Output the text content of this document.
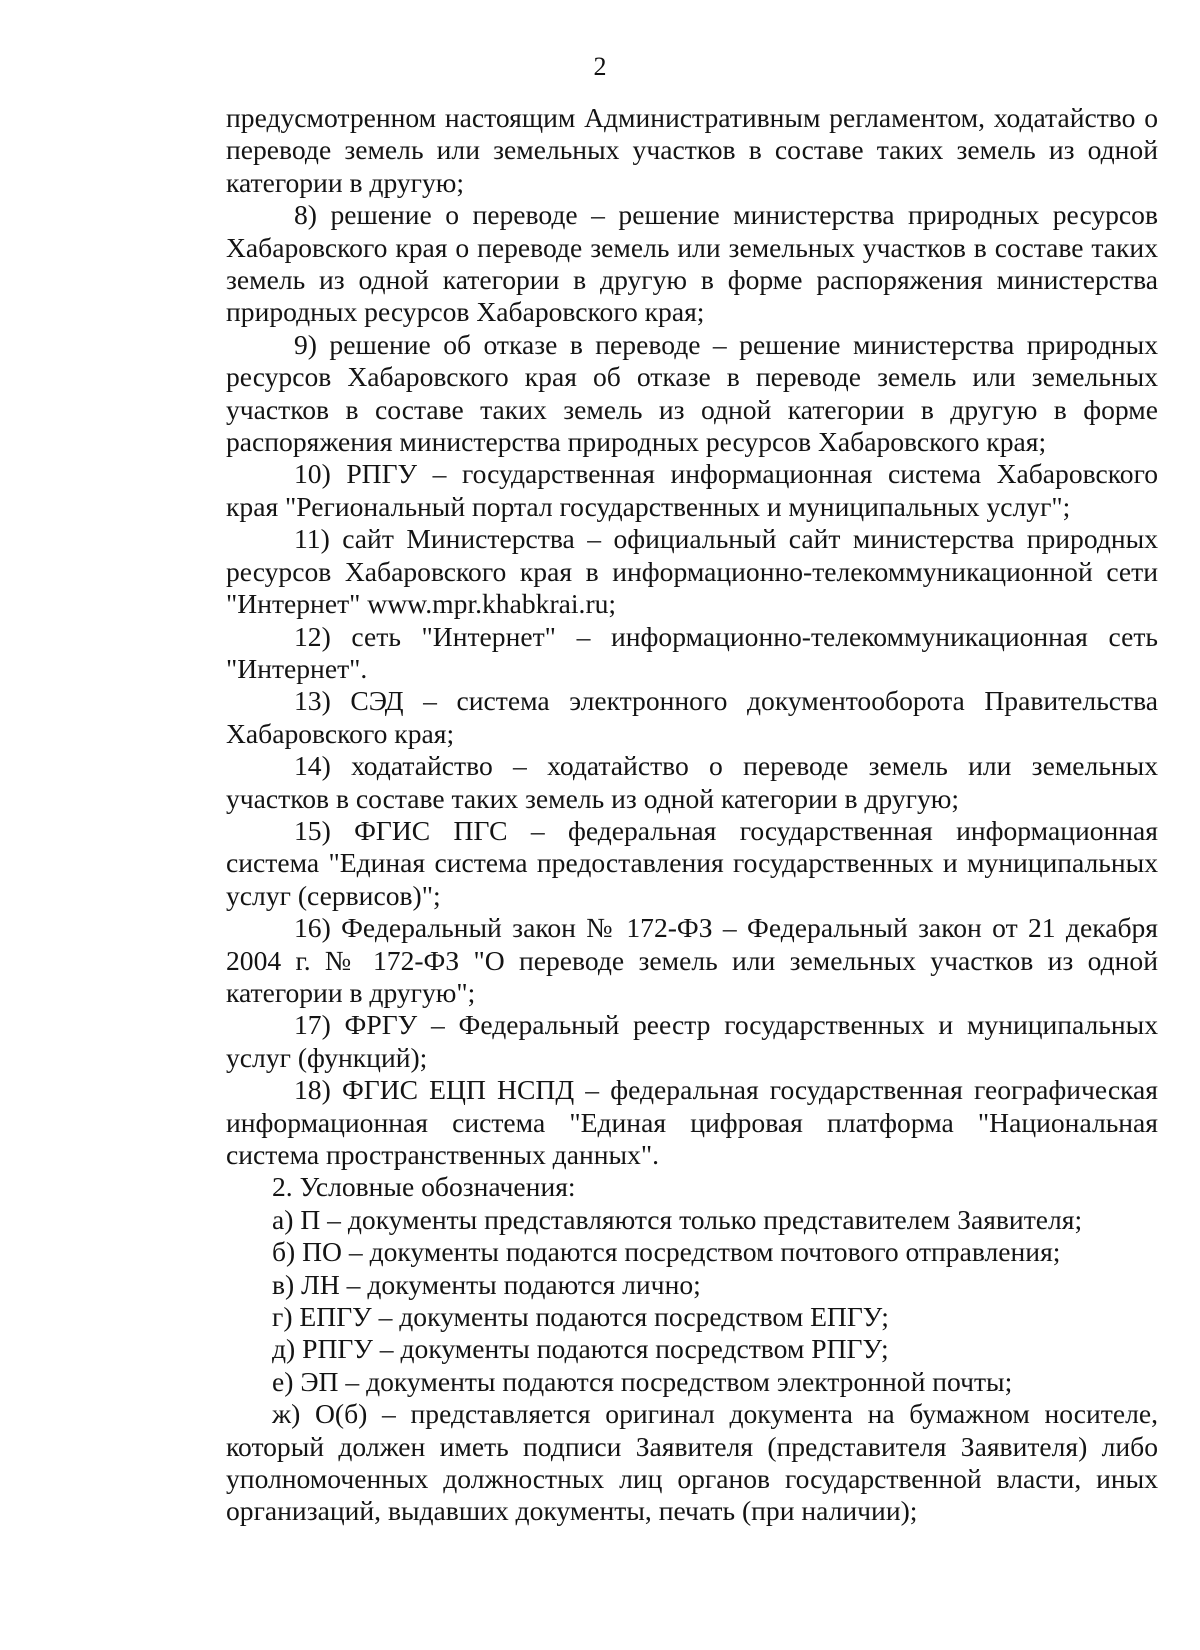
2

предусмотренном настоящим Административным регламентом, ходатайство о переводе земель или земельных участков в составе таких земель из одной категории в другую;

8) решение о переводе – решение министерства природных ресурсов Хабаровского края о переводе земель или земельных участков в составе таких земель из одной категории в другую в форме распоряжения министерства природных ресурсов Хабаровского края;

9) решение об отказе в переводе – решение министерства природных ресурсов Хабаровского края об отказе в переводе земель или земельных участков в составе таких земель из одной категории в другую в форме распоряжения министерства природных ресурсов Хабаровского края;

10) РПГУ – государственная информационная система Хабаровского края "Региональный портал государственных и муниципальных услуг";

11) сайт Министерства – официальный сайт министерства природных ресурсов Хабаровского края в информационно-телекоммуникационной сети "Интернет" www.mpr.khabkrai.ru;

12) сеть "Интернет" – информационно-телекоммуникационная сеть "Интернет".

13) СЭД – система электронного документооборота Правительства Хабаровского края;

14) ходатайство – ходатайство о переводе земель или земельных участков в составе таких земель из одной категории в другую;

15) ФГИС ПГС – федеральная государственная информационная система "Единая система предоставления государственных и муниципальных услуг (сервисов)";

16) Федеральный закон № 172-ФЗ – Федеральный закон от 21 декабря 2004 г. № 172-ФЗ "О переводе земель или земельных участков из одной категории в другую";

17) ФРГУ – Федеральный реестр государственных и муниципальных услуг (функций);

18) ФГИС ЕЦП НСПД – федеральная государственная географическая информационная система "Единая цифровая платформа "Национальная система пространственных данных".

2. Условные обозначения:

а) П – документы представляются только представителем Заявителя;

б) ПО – документы подаются посредством почтового отправления;

в) ЛН – документы подаются лично;

г) ЕПГУ – документы подаются посредством ЕПГУ;

д) РПГУ – документы подаются посредством РПГУ;

е) ЭП – документы подаются посредством электронной почты;

ж) О(б) – представляется оригинал документа на бумажном носителе, который должен иметь подписи Заявителя (представителя Заявителя) либо уполномоченных должностных лиц органов государственной власти, иных организаций, выдавших документы, печать (при наличии);
